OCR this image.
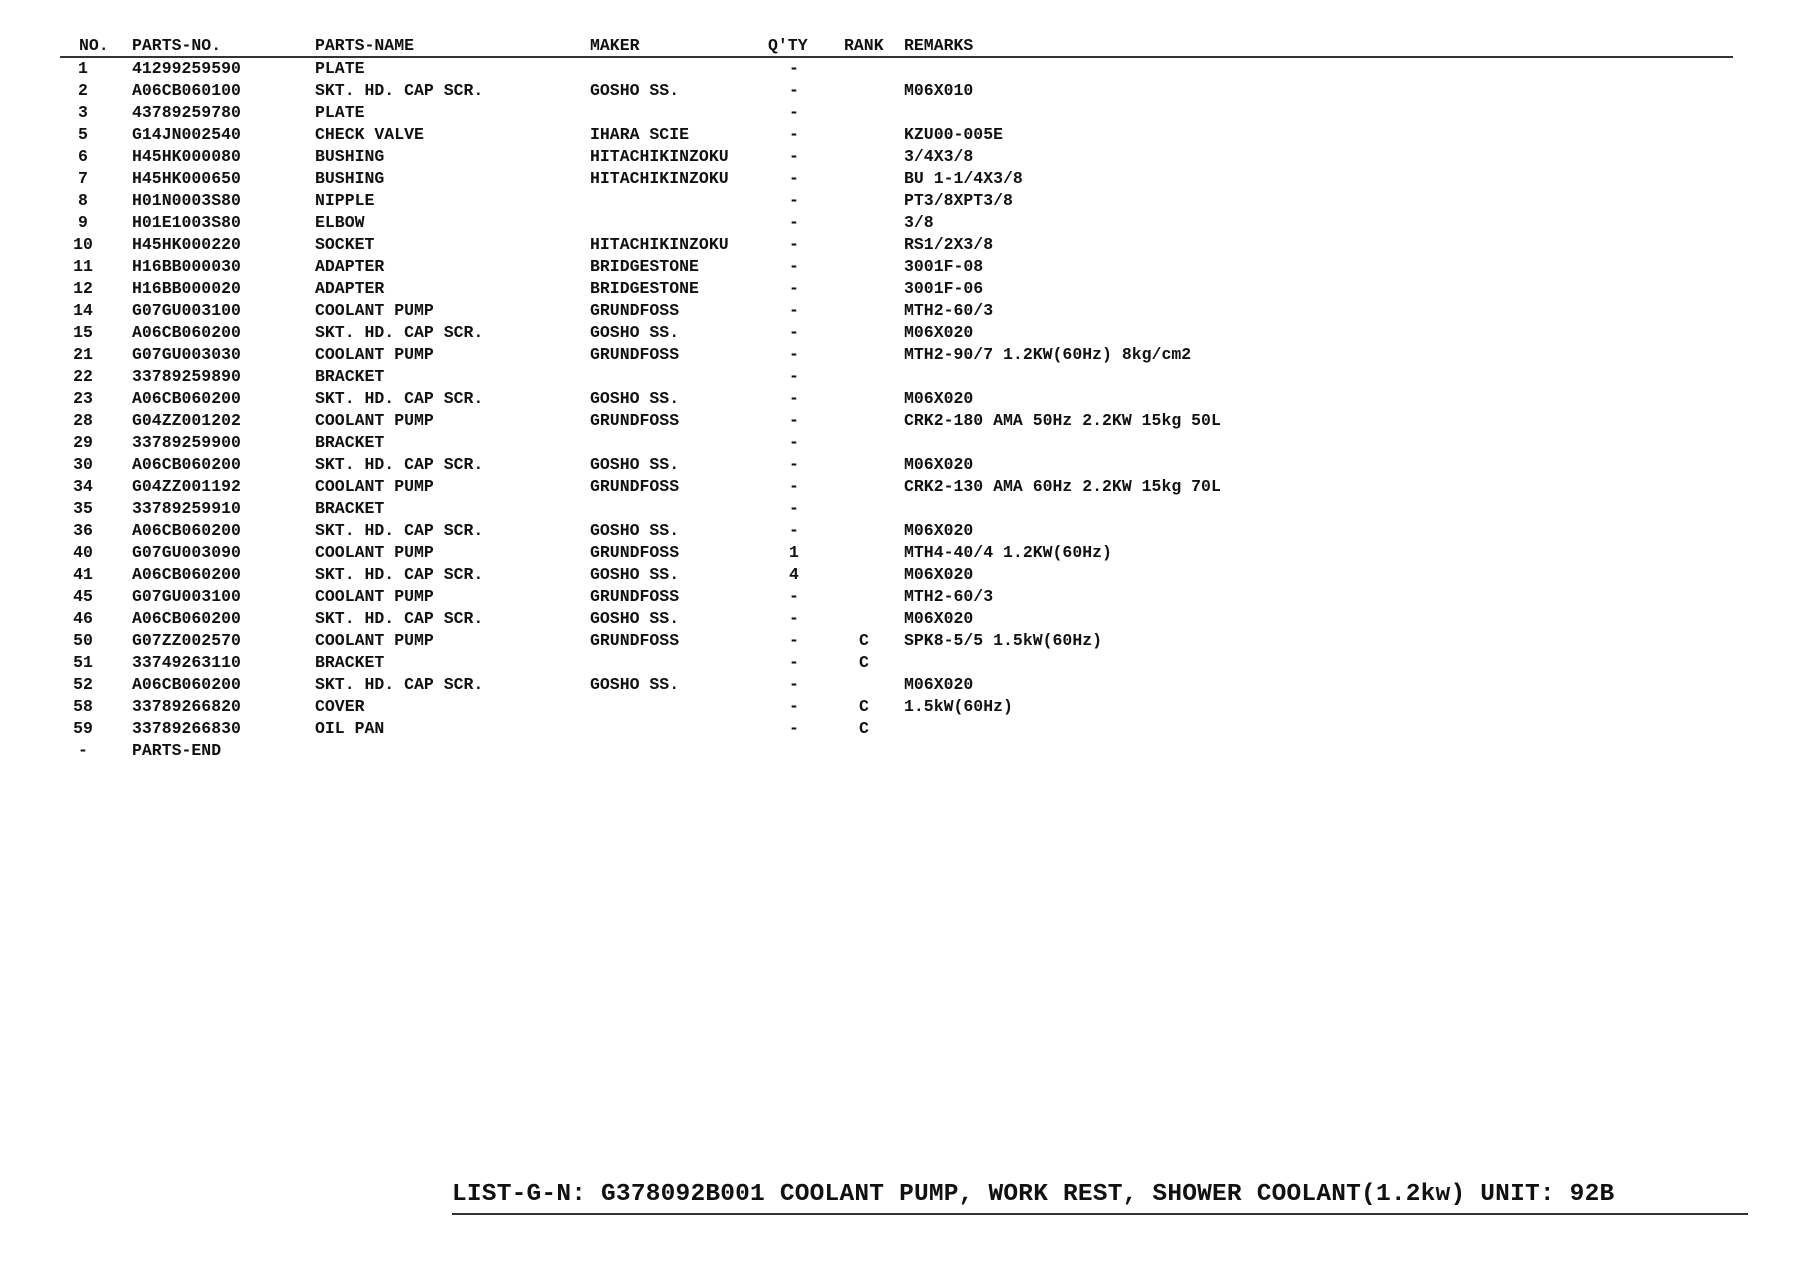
NO.	PARTS-NO.	PARTS-NAME	MAKER	Q'TY	RANK	REMARKS
1	41299259590	PLATE		-		
2	A06CB060100	SKT. HD. CAP SCR.	GOSHO SS.	-		M06X010
3	43789259780	PLATE		-		
5	G14JN002540	CHECK VALVE	IHARA SCIE	-		KZU00-005E
6	H45HK000080	BUSHING	HITACHIKINZOKU	-		3/4X3/8
7	H45HK000650	BUSHING	HITACHIKINZOKU	-		BU 1-1/4X3/8
8	H01N0003S80	NIPPLE		-		PT3/8XPT3/8
9	H01E1003S80	ELBOW		-		3/8
10	H45HK000220	SOCKET	HITACHIKINZOKU	-		RS1/2X3/8
11	H16BB000030	ADAPTER	BRIDGESTONE	-		3001F-08
12	H16BB000020	ADAPTER	BRIDGESTONE	-		3001F-06
14	G07GU003100	COOLANT PUMP	GRUNDFOSS	-		MTH2-60/3
15	A06CB060200	SKT. HD. CAP SCR.	GOSHO SS.	-		M06X020
21	G07GU003030	COOLANT PUMP	GRUNDFOSS	-		MTH2-90/7 1.2KW(60Hz) 8kg/cm2
22	33789259890	BRACKET		-		
23	A06CB060200	SKT. HD. CAP SCR.	GOSHO SS.	-		M06X020
28	G04ZZ001202	COOLANT PUMP	GRUNDFOSS	-		CRK2-180 AMA 50Hz 2.2KW 15kg 50L
29	33789259900	BRACKET		-		
30	A06CB060200	SKT. HD. CAP SCR.	GOSHO SS.	-		M06X020
34	G04ZZ001192	COOLANT PUMP	GRUNDFOSS	-		CRK2-130 AMA 60Hz 2.2KW 15kg 70L
35	33789259910	BRACKET		-		
36	A06CB060200	SKT. HD. CAP SCR.	GOSHO SS.	-		M06X020
40	G07GU003090	COOLANT PUMP	GRUNDFOSS	1		MTH4-40/4 1.2KW(60Hz)
41	A06CB060200	SKT. HD. CAP SCR.	GOSHO SS.	4		M06X020
45	G07GU003100	COOLANT PUMP	GRUNDFOSS	-		MTH2-60/3
46	A06CB060200	SKT. HD. CAP SCR.	GOSHO SS.	-		M06X020
50	G07ZZ002570	COOLANT PUMP	GRUNDFOSS	-	C	SPK8-5/5 1.5kW(60Hz)
51	33749263110	BRACKET		-	C	
52	A06CB060200	SKT. HD. CAP SCR.	GOSHO SS.	-		M06X020
58	33789266820	COVER		-	C	1.5kW(60Hz)
59	33789266830	OIL PAN		-	C	
-	PARTS-END					
LIST-G-N: G378092B001 COOLANT PUMP, WORK REST, SHOWER COOLANT(1.2kw) UNIT: 92B
